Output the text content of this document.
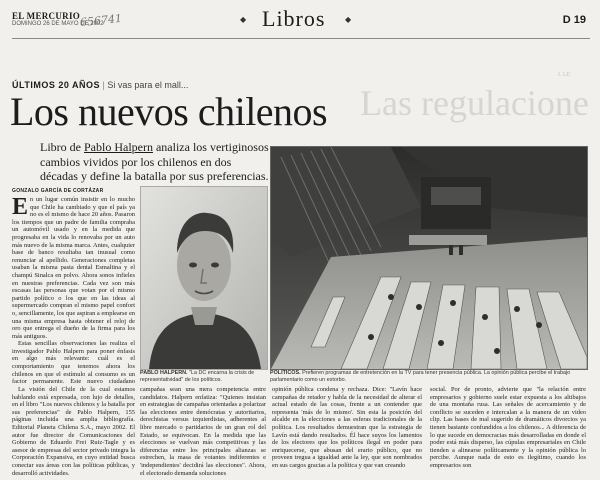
EL MERCURIO
DOMINGO 26 DE MAYO DE 2002
656741	◆ Libros ◆	D 19
L LE
Las regulacione
ÚLTIMOS 20 AÑOS | Si vas para el mall...
Los nuevos chilenos
Libro de Pablo Halpern analiza los vertiginosos cambios vividos por los chilenos en dos décadas y define la batalla por sus preferencias.
GONZALO GARCÍA DE CORTÁZAR
En un lugar común insistir en lo mucho que Chile ha cambiado y que el país ya no es el mismo de hace 20 años. Pasaron los tiempos que un padre de familia compraba un automóvil usado y en la medida que progresaba en la vida lo renovaba por un auto más nuevo de la misma marca. Antes, cualquier base de banco resultaba tan inusual como renunciar al apellido. Generaciones completas usaban la misma pasta dental Esmaltina y el champú Sinalca en polvo. Ahora sonos infieles en nuestras preferencias. Cada vez son más escasas las personas que votan por el mismo partido político o los que en las ideas al supermercado compran el mismo papel confort o, sencillamente, los que aspiran a emplearse en una misma empresa hasta obtener el reloj de oro que entrega el dueño de la firma para los más antiguos.
Estas sencillas observaciones las realiza el investigador Pablo Halpern para poner énfasis en algo más relevante: cuál es el comportamiento que tenemos ahora los chilenos en que el estímulo al consumo es un factor permanente. Este nuevo ciudadano
PABLO HALPERN. "La DC encarna la crisis de representatividad" de los políticos.
POLÍTICOS. Prefieren programas de entretención en la TV para tener presencia pública. La opinión pública percibe el trabajo parlamentario como un estorbo.
La visión del Chile de la cual estamos hablando está expresada, con lujo de detalles, en el libro "Los nuevos chilenos y la batalla por sus preferencias" de Pablo Halpern, 155 páginas incluida una amplia bibliografía. Editorial Planeta Chilena S.A., mayo 2002. El autor fue director de Comunicaciones del Gobierno de Eduardo Frei Ruiz-Tagle y es asesor de empresas del sector privado integra la Corporación Expansiva, en cuyo entidad busca conectar sus áreas con las políticas públicas, y desarrolló actividades.
campañas sean una mera competencia entre candidatos. Halpern enfatiza: "Quienes insistan en estrategias de campañas orientadas a polarizar las elecciones entre demócratas y autoritarios, derechistas versus izquierdistas, adherentes al libre mercado o partidarios de un gran rol del Estado, se equivocan. En la medida que las elecciones se vuelvan más competitivas y las diferencias entre los principales alianzas se estrechen, la masa de votantes indiferentes e 'independientes' decidirá las elecciones". Ahora, el electorado demanda soluciones
opinión pública condena y rechaza. Dice: "Lavín hace campañas de retador y habla de la necesidad de alterar el actual estado de las cosas, frente a un contender que representa 'más de lo mismo'. Sin esta la posición del alcalde en la elecciones a las esferas tradicionales de la política. Los resultados demuestran que la estrategia de Lavín está dando resultados. Él hace suyos los lamentos de los electores que los políticos ilegal en poder para enriquecerse, que abusan del erario público, que no proveen tregua a igualdad ante la ley, que son nombrados en sus cargos gracias a la política y que van creando
social. Por de pronto, advierte que "la relación entre empresarios y gobierno suele estar expuesta a los altibajos de una montaña rusa. Las señales de acercamiento y de conflicto se suceden e intercalan a la manera de un video clip. Las bases de mal sugerido de dramáticos divorcios ya tienen bastante confundidos a los chilenos... A diferencia de lo que sucede en democracias más desarrolladas en donde el poder está más disperso, las cúpulas empresariales en Chile tienden a alinearse políticamente y la opinión pública lo percibe. Aunque nada de esto es ilegítimo, cuando los empresarios son
